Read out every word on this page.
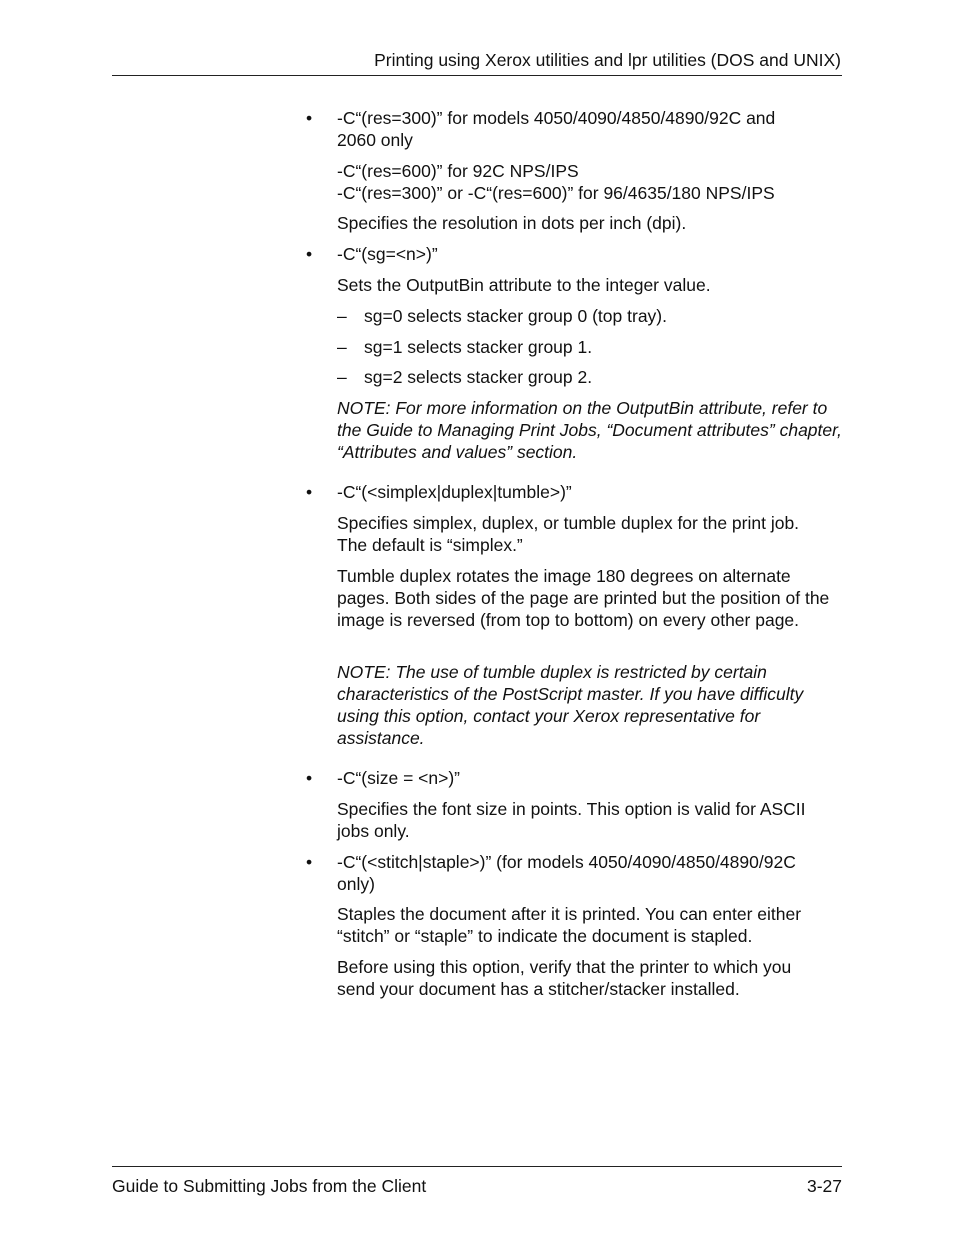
Printing using Xerox utilities and lpr utilities (DOS and UNIX)
• -C“(res=300)” for models 4050/4090/4850/4890/92C and 2060 only
-C“(res=600)” for 92C NPS/IPS
-C“(res=300)” or -C“(res=600)” for 96/4635/180 NPS/IPS
Specifies the resolution in dots per inch (dpi).
• -C“(sg=<n>)”
Sets the OutputBin attribute to the integer value.
– sg=0 selects stacker group 0 (top tray).
– sg=1 selects stacker group 1.
– sg=2 selects stacker group 2.
NOTE: For more information on the OutputBin attribute, refer to the Guide to Managing Print Jobs, “Document attributes” chapter, “Attributes and values” section.
• -C“(<simplex|duplex|tumble>)”
Specifies simplex, duplex, or tumble duplex for the print job. The default is “simplex.”
Tumble duplex rotates the image 180 degrees on alternate pages. Both sides of the page are printed but the position of the image is reversed (from top to bottom) on every other page.
NOTE: The use of tumble duplex is restricted by certain characteristics of the PostScript master. If you have difficulty using this option, contact your Xerox representative for assistance.
• -C“(size = <n>)”
Specifies the font size in points. This option is valid for ASCII jobs only.
• -C“(<stitch|staple>)” (for models 4050/4090/4850/4890/92C only)
Staples the document after it is printed. You can enter either “stitch” or “staple” to indicate the document is stapled.
Before using this option, verify that the printer to which you send your document has a stitcher/stacker installed.
Guide to Submitting Jobs from the Client	3-27
